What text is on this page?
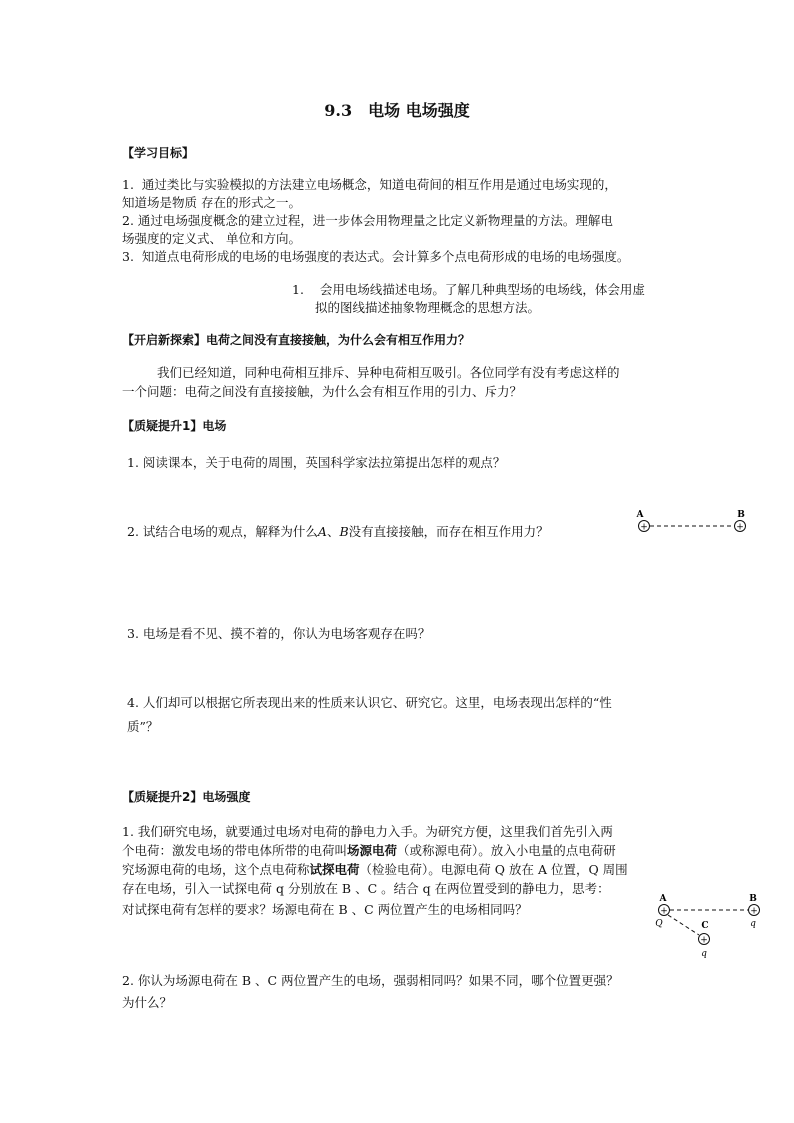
9.3　电场 电场强度
【学习目标】
1. 通过类比与实验模拟的方法建立电场概念，知道电荷间的相互作用是通过电场实现的，
知道场是物质 存在的形式之一。
2. 通过电场强度概念的建立过程，进一步体会用物理量之比定义新物理量的方法。理解电
场强度的定义式、 单位和方向。
3. 知道点电荷形成的电场的电场强度的表达式。会计算多个点电荷形成的电场的电场强度。
1. 会用电场线描述电场。了解几种典型场的电场线，体会用虚
拟的图线描述抽象物理概念的思想方法。
【开启新探索】电荷之间没有直接接触，为什么会有相互作用力？
我们已经知道，同种电荷相互排斥、异种电荷相互吸引。各位同学有没有考虑这样的
一个问题：电荷之间没有直接接触，为什么会有相互作用的引力、斥力？
【质疑提升1】电场
1. 阅读课本，关于电荷的周围，英国科学家法拉第提出怎样的观点？
2. 试结合电场的观点，解释为什么A、B没有直接接触，而存在相互作用力？
A	B
+	+
3. 电场是看不见、摸不着的，你认为电场客观存在吗？
4. 人们却可以根据它所表现出来的性质来认识它、研究它。这里，电场表现出怎样的“性
质”？
【质疑提升2】电场强度
1. 我们研究电场，就要通过电场对电荷的静电力入手。为研究方便，这里我们首先引入两
个电荷：激发电场的带电体所带的电荷叫场源电荷（或称源电荷）。放入小电量的点电荷研
究场源电荷的电场，这个点电荷称试探电荷（检验电荷）。电源电荷 Q 放在 A 位置，Q 周围
存在电场，引入一试探电荷 q 分别放在 B 、C 。结合 q 在两位置受到的静电力，思考：
对试探电荷有怎样的要求？场源电荷在 B 、C 两位置产生的电场相同吗？
A	B
+	+
C
+
Q	q
q
2. 你认为场源电荷在 B 、C 两位置产生的电场，强弱相同吗？如果不同，哪个位置更强？
为什么？
